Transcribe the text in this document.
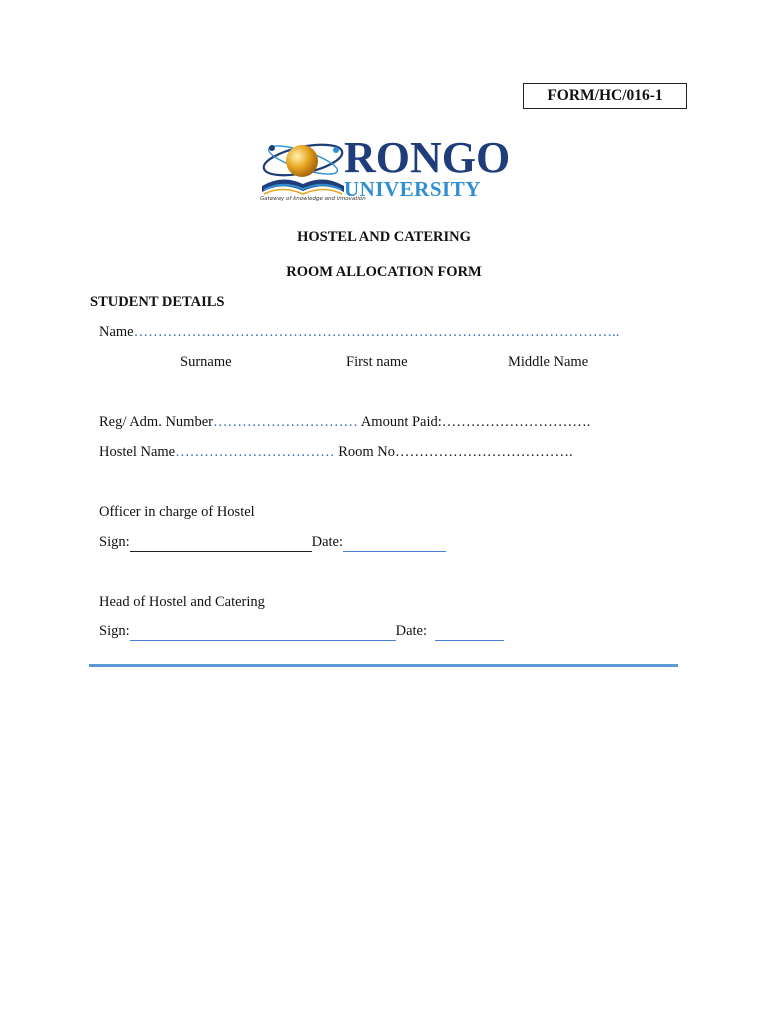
FORM/HC/016-1
RONGO
UNIVERSITY
Gateway of knowledge and innovation
HOSTEL AND CATERING
ROOM ALLOCATION FORM
STUDENT DETAILS
Name………………………………………………………………………………………..
Surname	First name	Middle Name
Reg/ Adm. Number………………………… Amount Paid:………………………….
Hostel Name…………………………… Room No……………………………….
Officer in charge of Hostel
Sign:	Date:
Head of Hostel and Catering
Sign:	Date:
